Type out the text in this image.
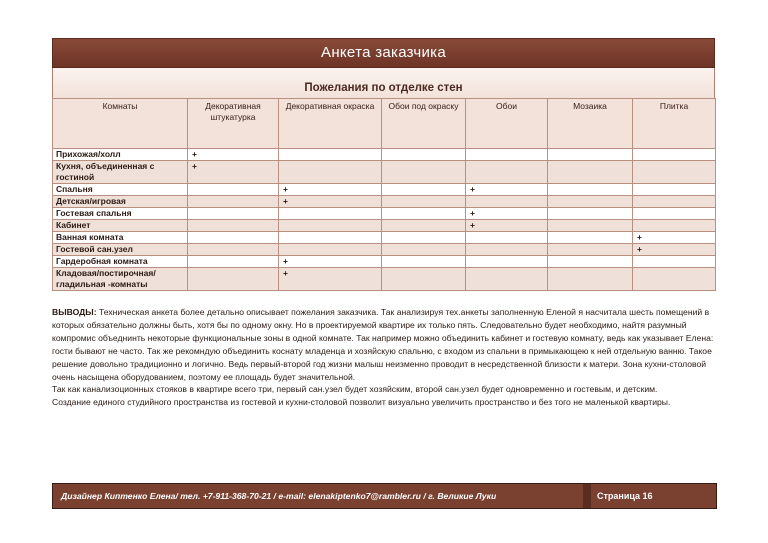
Анкета заказчика
Пожелания по отделке стен
Комнаты	Декоративная штукатурка	Декоративная окраска	Обои под окраску	Обои	Мозаика	Плитка
Прихожая/холл	+					
Кухня, объединенная с гостиной	+					
Спальня		+		+		
Детская/игровая		+				
Гостевая спальня				+		
Кабинет				+		
Ванная комната						+
Гостевой сан.узел						+
Гардеробная комната		+				
Кладовая/постирочная/гладильная -комнаты		+				

ВЫВОДЫ: Техническая анкета более детально описывает пожелания заказчика. Так анализируя тех.анкеты заполненную Еленой я насчитала шесть помещений в которых обязательно должны быть, хотя бы по одному окну. Но в проектируемой квартире их только пять. Следовательно будет необходимо, найтя разумный компромис объеднинть некоторые функциональные зоны в одной комнате. Так например можно объединить кабинет и гостевую комнату, ведь как указывает Елена: гости бывают не часто. Так же рекомндую объединить коснату младенца и хозяйскую спальню, с входом из спальни в примыкающею к ней отдельную ванню. Такое решение довольно традиционно и логично. Ведь первый-второй год жизни малыш неизменно проводит в несредственной близости к матери. Зона кухни-столовой очень насыщена оборудованием, поэтому ее площадь будет значительной.

Так как канализоционных стояков в квартире всего три, первый сан.узел будет хозяйским, второй сан.узел будет одновременно и гостевым, и детским.

Создание единого студийного пространства из гостевой и кухни-столовой позволит визуально увеличить пространство и без того не маленькой квартиры.

Дизайнер Киптенко Елена/ тел. +7-911-368-70-21 / e-mail: elenakiptenko7@rambler.ru / г. Великие Луки	Страница 16
